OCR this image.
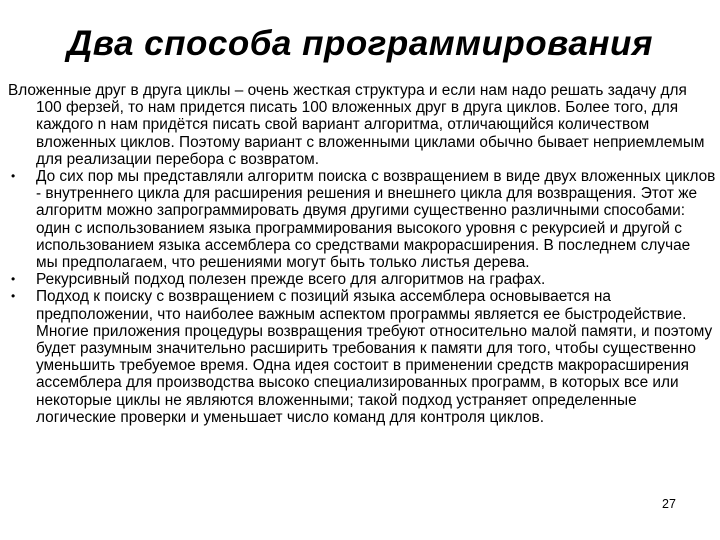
Два способа программирования

Вложенные друг в друга циклы – очень жесткая структура и если нам надо решать задачу для 100 ферзей, то нам придется писать 100 вложенных друг в друга циклов. Более того, для каждого n нам придётся писать свой вариант алгоритма, отличающийся количеством вложенных циклов. Поэтому вариант с вложенными циклами обычно бывает неприемлемым для реализации перебора с возвратом.

• До сих пор мы представляли алгоритм поиска с возвращением в виде двух вложенных циклов - внутреннего цикла для расширения решения и внешнего цикла для возвращения. Этот же алгоритм можно запрограммировать двумя другими существенно различными способами: один с использованием языка программирования высокого уровня с рекурсией и другой с использованием языка ассемблера со средствами макрорасширения. В последнем случае мы предполагаем, что решениями могут быть только листья дерева.
• Рекурсивный подход полезен прежде всего для алгоритмов на графах.
• Подход к поиску с возвращением с позиций языка ассемблера основывается на предположении, что наиболее важным аспектом программы является ее быстродействие. Многие приложения процедуры возвращения требуют относительно малой памяти, и поэтому будет разумным значительно расширить требования к памяти для того, чтобы существенно уменьшить требуемое время. Одна идея состоит в применении средств макрорасширения ассемблера для производства высоко специализированных программ, в которых все или некоторые циклы не являются вложенными; такой подход устраняет определенные логические проверки и уменьшает число команд для контроля циклов.
27
